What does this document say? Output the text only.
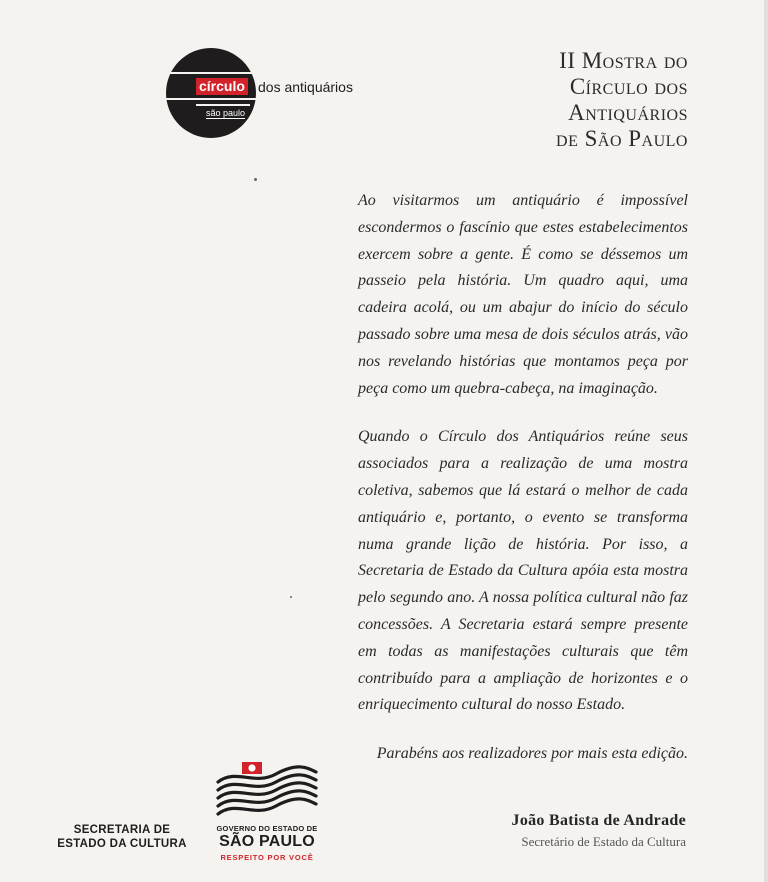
círculo dos antiquários
são paulo
II Mostra do
Círculo dos
Antiquários
de São Paulo

Ao visitarmos um antiquário é impossível escondermos o fascínio que estes estabelecimentos exercem sobre a gente. É como se déssemos um passeio pela história. Um quadro aqui, uma cadeira acolá, ou um abajur do início do século passado sobre uma mesa de dois séculos atrás, vão nos revelando histórias que montamos peça por peça como um quebra-cabeça, na imaginação.

Quando o Círculo dos Antiquários reúne seus associados para a realização de uma mostra coletiva, sabemos que lá estará o melhor de cada antiquário e, portanto, o evento se transforma numa grande lição de história. Por isso, a Secretaria de Estado da Cultura apóia esta mostra pelo segundo ano. A nossa política cultural não faz concessões. A Secretaria estará sempre presente em todas as manifestações culturais que têm contribuído para a ampliação de horizontes e o enriquecimento cultural do nosso Estado.

Parabéns aos realizadores por mais esta edição.

João Batista de Andrade
Secretário de Estado da Cultura
SECRETARIA DE
ESTADO DA CULTURA
GOVERNO DO ESTADO DE
SÃO PAULO
RESPEITO POR VOCÊ
